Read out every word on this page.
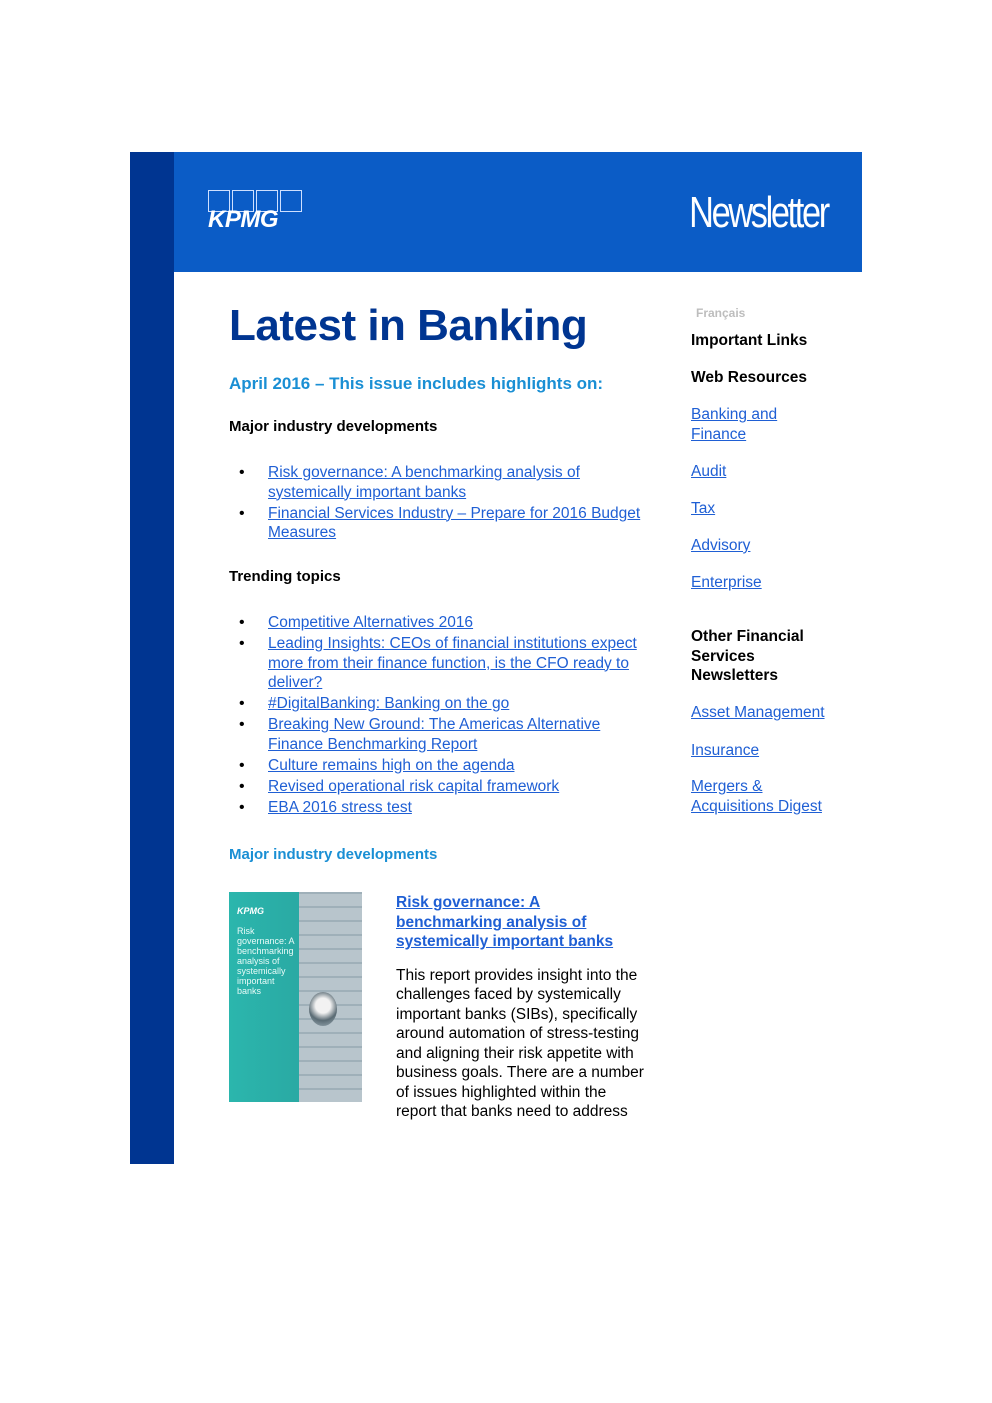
KPMG	Newsletter
Latest in Banking
April 2016 – This issue includes highlights on:
Major industry developments
• Risk governance: A benchmarking analysis of systemically important banks
• Financial Services Industry – Prepare for 2016 Budget Measures
Trending topics
• Competitive Alternatives 2016
• Leading Insights: CEOs of financial institutions expect more from their finance function, is the CFO ready to deliver?
• #DigitalBanking: Banking on the go
• Breaking New Ground: The Americas Alternative Finance Benchmarking Report
• Culture remains high on the agenda
• Revised operational risk capital framework
• EBA 2016 stress test
Major industry developments
KPMG
Risk governance: A benchmarking analysis of systemically important banks
Risk governance: A benchmarking analysis of systemically important banks
This report provides insight into the challenges faced by systemically important banks (SIBs), specifically around automation of stress-testing and aligning their risk appetite with business goals. There are a number of issues highlighted within the report that banks need to address
Français
Important Links
Web Resources
Banking and Finance
Audit
Tax
Advisory
Enterprise
Other Financial Services Newsletters
Asset Management
Insurance
Mergers & Acquisitions Digest
